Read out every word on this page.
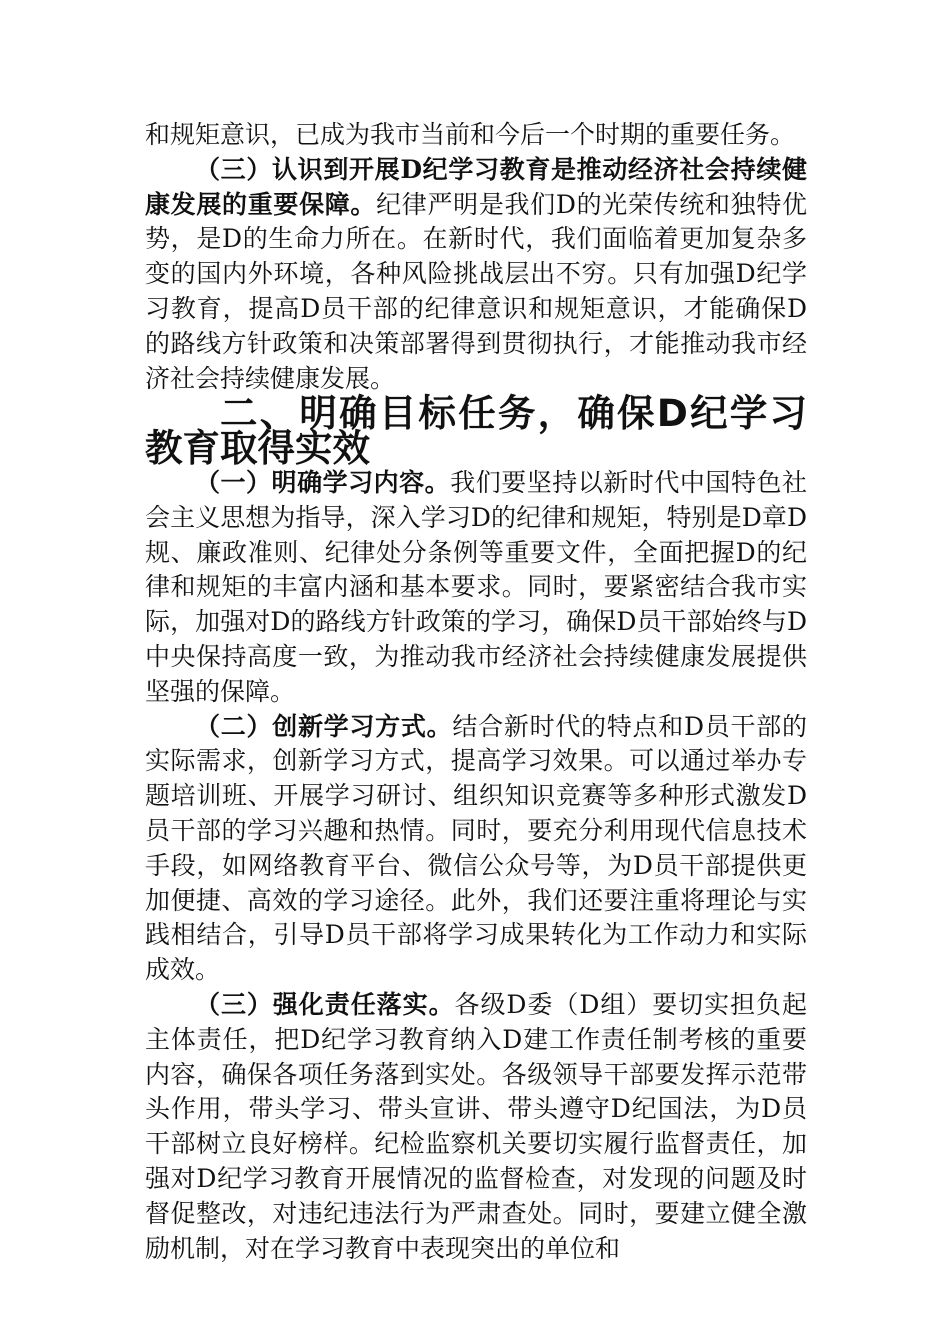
和规矩意识，已成为我市当前和今后一个时期的重要任务。

（三）认识到开展D纪学习教育是推动经济社会持续健康发展的重要保障。纪律严明是我们D的光荣传统和独特优势，是D的生命力所在。在新时代，我们面临着更加复杂多变的国内外环境，各种风险挑战层出不穷。只有加强D纪学习教育，提高D员干部的纪律意识和规矩意识，才能确保D的路线方针政策和决策部署得到贯彻执行，才能推动我市经济社会持续健康发展。

二、明确目标任务，确保D纪学习教育取得实效

（一）明确学习内容。我们要坚持以新时代中国特色社会主义思想为指导，深入学习D的纪律和规矩，特别是D章D规、廉政准则、纪律处分条例等重要文件，全面把握D的纪律和规矩的丰富内涵和基本要求。同时，要紧密结合我市实际，加强对D的路线方针政策的学习，确保D员干部始终与D中央保持高度一致，为推动我市经济社会持续健康发展提供坚强的保障。

（二）创新学习方式。结合新时代的特点和D员干部的实际需求，创新学习方式，提高学习效果。可以通过举办专题培训班、开展学习研讨、组织知识竞赛等多种形式激发D员干部的学习兴趣和热情。同时，要充分利用现代信息技术手段，如网络教育平台、微信公众号等，为D员干部提供更加便捷、高效的学习途径。此外，我们还要注重将理论与实践相结合，引导D员干部将学习成果转化为工作动力和实际成效。

（三）强化责任落实。各级D委（D组）要切实担负起主体责任，把D纪学习教育纳入D建工作责任制考核的重要内容，确保各项任务落到实处。各级领导干部要发挥示范带头作用，带头学习、带头宣讲、带头遵守D纪国法，为D员干部树立良好榜样。纪检监察机关要切实履行监督责任，加强对D纪学习教育开展情况的监督检查，对发现的问题及时督促整改，对违纪违法行为严肃查处。同时，要建立健全激励机制，对在学习教育中表现突出的单位和
